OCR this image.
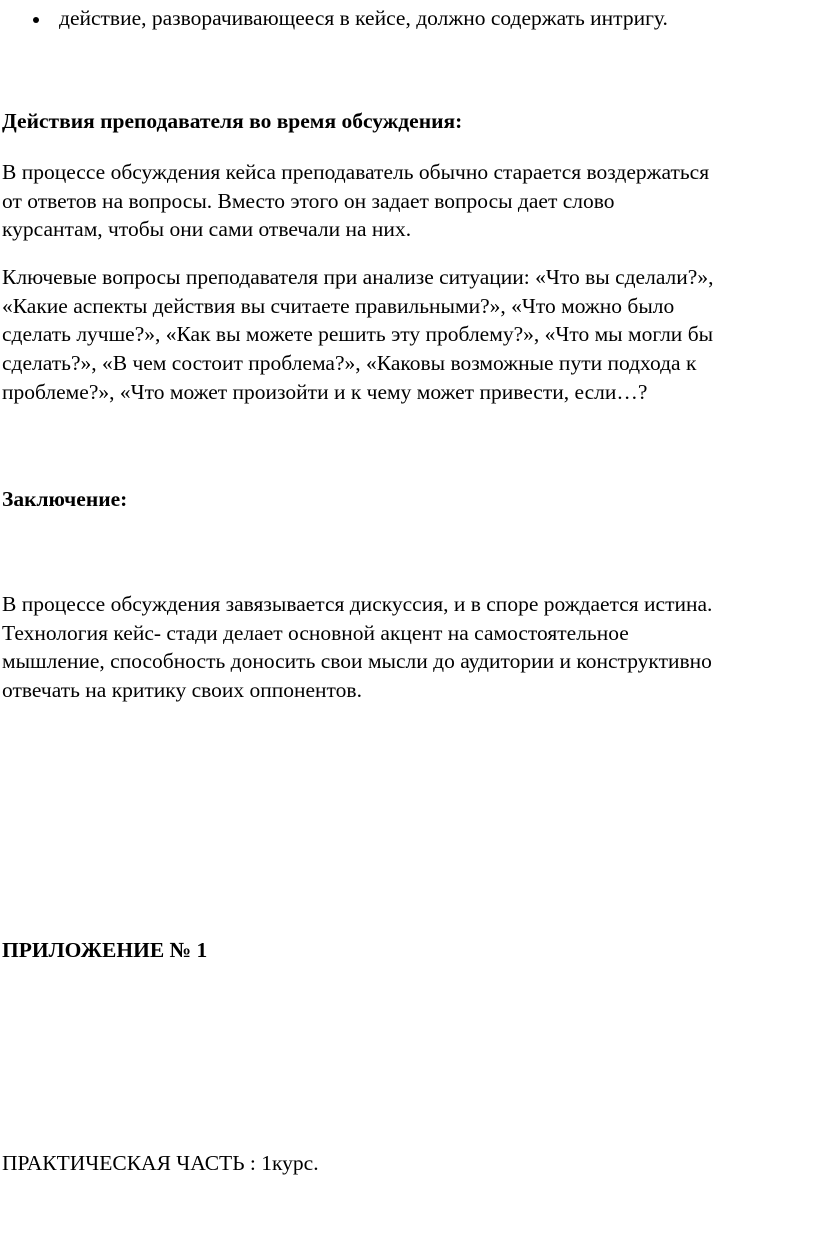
действие, разворачивающееся в кейсе, должно содержать интригу.
Действия преподавателя во время обсуждения:
В процессе обсуждения кейса преподаватель обычно старается воздержаться
от ответов на вопросы. Вместо этого он задает вопросы дает слово
курсантам, чтобы они сами отвечали на них.
Ключевые вопросы преподавателя при анализе ситуации: «Что вы сделали?»,
«Какие аспекты действия вы считаете правильными?», «Что можно было
сделать лучше?», «Как вы можете решить эту проблему?», «Что мы могли бы
сделать?», «В чем состоит проблема?», «Каковы возможные пути подхода к
проблеме?», «Что может произойти и к чему может привести, если…?
Заключение:
В процессе обсуждения завязывается дискуссия, и в споре рождается истина.
Технология кейс- стади делает основной акцент на самостоятельное
мышление, способность доносить свои мысли до аудитории и конструктивно
отвечать на критику своих оппонентов.
ПРИЛОЖЕНИЕ № 1
ПРАКТИЧЕСКАЯ ЧАСТЬ : 1курс.
